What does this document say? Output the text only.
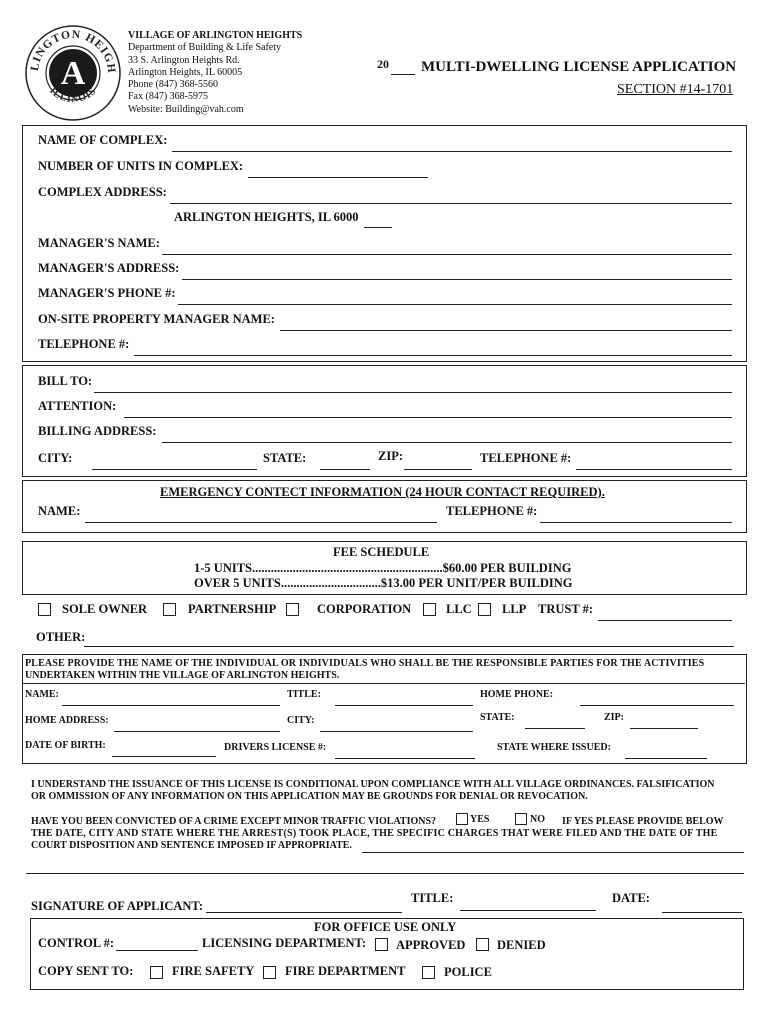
LINGTON HEIGH
ILLINOIS
A
VILLAGE OF ARLINGTON HEIGHTS
Department of Building & Life Safety
33 S. Arlington Heights Rd.
Arlington Heights, IL 60005
Phone (847) 368-5560
Fax (847) 368-5975
Website: Building@vah.com
20 MULTI-DWELLING LICENSE APPLICATION
SECTION #14-1701
NAME OF COMPLEX:
NUMBER OF UNITS IN COMPLEX:
COMPLEX ADDRESS:
ARLINGTON HEIGHTS, IL 6000
MANAGER'S NAME:
MANAGER'S ADDRESS:
MANAGER'S PHONE #:
ON-SITE PROPERTY MANAGER NAME:
TELEPHONE #:
BILL TO:
ATTENTION:
BILLING ADDRESS:
CITY:	STATE:	ZIP:	TELEPHONE #:
EMERGENCY CONTECT INFORMATION (24 HOUR CONTACT REQUIRED).
NAME:	TELEPHONE #:
FEE SCHEDULE
1-5 UNITS.............................................................$60.00 PER BUILDING
OVER 5 UNITS................................$13.00 PER UNIT/PER BUILDING
SOLE OWNER	PARTNERSHIP	CORPORATION	LLC LLP TRUST #:
OTHER:
PLEASE PROVIDE THE NAME OF THE INDIVIDUAL OR INDIVIDUALS WHO SHALL BE THE RESPONSIBLE PARTIES FOR THE ACTIVITIES
UNDERTAKEN WITHIN THE VILLAGE OF ARLINGTON HEIGHTS.
NAME:	TITLE:	HOME PHONE:
HOME ADDRESS:	CITY:	STATE:	ZIP:
DATE OF BIRTH:	DRIVERS LICENSE #:	STATE WHERE ISSUED:
I UNDERSTAND THE ISSUANCE OF THIS LICENSE IS CONDITIONAL UPON COMPLIANCE WITH ALL VILLAGE ORDINANCES. FALSIFICATION
OR OMMISSION OF ANY INFORMATION ON THIS APPLICATION MAY BE GROUNDS FOR DENIAL OR REVOCATION.
HAVE YOU BEEN CONVICTED OF A CRIME EXCEPT MINOR TRAFFIC VIOLATIONS?	YES	NO IF YES PLEASE PROVIDE BELOW
THE DATE, CITY AND STATE WHERE THE ARREST(S) TOOK PLACE, THE SPECIFIC CHARGES THAT WERE FILED AND THE DATE OF THE
COURT DISPOSITION AND SENTENCE IMPOSED IF APPROPRIATE.
SIGNATURE OF APPLICANT:
TITLE:	DATE:
FOR OFFICE USE ONLY
CONTROL #:	LICENSING DEPARTMENT: APPROVED	DENIED
COPY SENT TO:	FIRE SAFETY FIRE DEPARTMENT	POLICE
